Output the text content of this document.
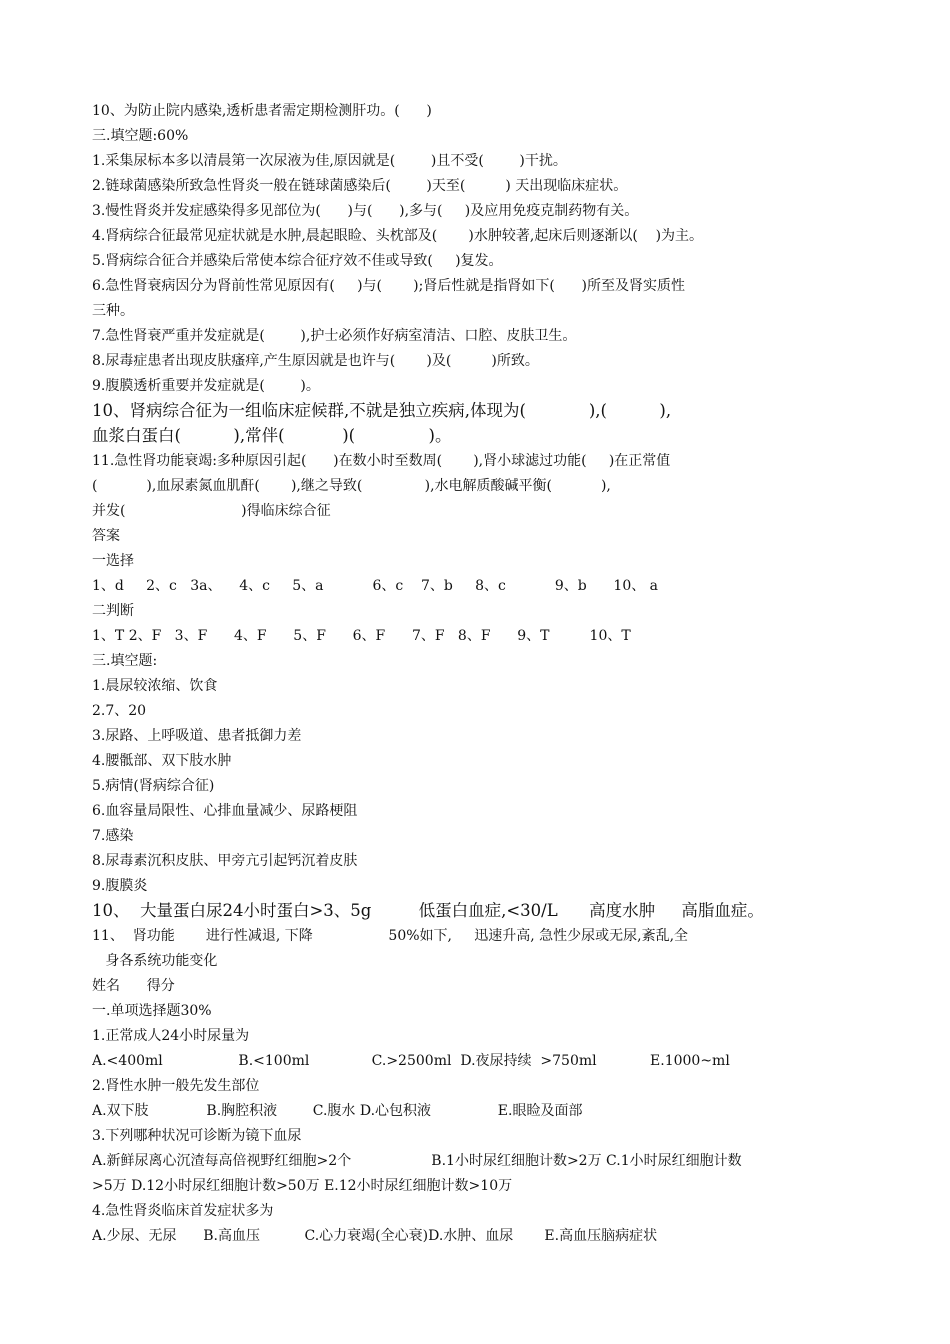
10、为防止院内感染,透析患者需定期检测肝功。(      )
三.填空题:60%
1.采集尿标本多以清晨第一次尿液为佳,原因就是(        )且不受(        )干扰。
2.链球菌感染所致急性肾炎一般在链球菌感染后(        )天至(         ) 天出现临床症状。
3.慢性肾炎并发症感染得多见部位为(      )与(      ),多与(     )及应用免疫克制药物有关。
4.肾病综合征最常见症状就是水肿,晨起眼睑、头枕部及(       )水肿较著,起床后则逐渐以(    )为主。
5.肾病综合征合并感染后常使本综合征疗效不佳或导致(     )复发。
6.急性肾衰病因分为肾前性常见原因有(     )与(       );肾后性就是指肾如下(      )所至及肾实质性
三种。
7.急性肾衰严重并发症就是(        ),护士必须作好病室清洁、口腔、皮肤卫生。
8.尿毒症患者出现皮肤瘙痒,产生原因就是也许与(       )及(         )所致。
9.腹膜透析重要并发症就是(        )。
10、肾病综合征为一组临床症候群,不就是独立疾病,体现为(            ),(          ),
血浆白蛋白(          ),常伴(           )(              )。
11.急性肾功能衰竭:多种原因引起(      )在数小时至数周(       ),肾小球滤过功能(     )在正常值
(           ),血尿素氮血肌酐(       ),继之导致(              ),水电解质酸碱平衡(           ),
并发(                          )得临床综合征
答案
一选择
1、d     2、c   3a、    4、c     5、a           6、c    7、b     8、c           9、b      10、 a
二判断
1、T 2、F   3、F      4、F      5、F      6、F      7、F   8、F      9、T         10、T
三.填空题:
1.晨尿较浓缩、饮食
2.7、20
3.尿路、上呼吸道、患者抵御力差
4.腰骶部、双下肢水肿
5.病情(肾病综合征)
6.血容量局限性、心排血量减少、尿路梗阻
7.感染
8.尿毒素沉积皮肤、甲旁亢引起钙沉着皮肤
9.腹膜炎
10、  大量蛋白尿24小时蛋白>3、5g         低蛋白血症,<30/L      高度水肿     高脂血症。
11、  肾功能       进行性减退, 下降                 50%如下,     迅速升高, 急性少尿或无尿,紊乱,全
身各系统功能变化
姓名      得分
一.单项选择题30%
1.正常成人24小时尿量为
A.<400ml                 B.<100ml              C.>2500ml  D.夜尿持续  >750ml            E.1000~ml
2.肾性水肿一般先发生部位
A.双下肢             B.胸腔积液        C.腹水 D.心包积液               E.眼睑及面部
3.下列哪种状况可诊断为镜下血尿
A.新鲜尿离心沉渣每高倍视野红细胞>2个                  B.1小时尿红细胞计数>2万 C.1小时尿红细胞计数
>5万 D.12小时尿红细胞计数>50万 E.12小时尿红细胞计数>10万
4.急性肾炎临床首发症状多为
A.少尿、无尿      B.高血压          C.心力衰竭(全心衰)D.水肿、血尿       E.高血压脑病症状
